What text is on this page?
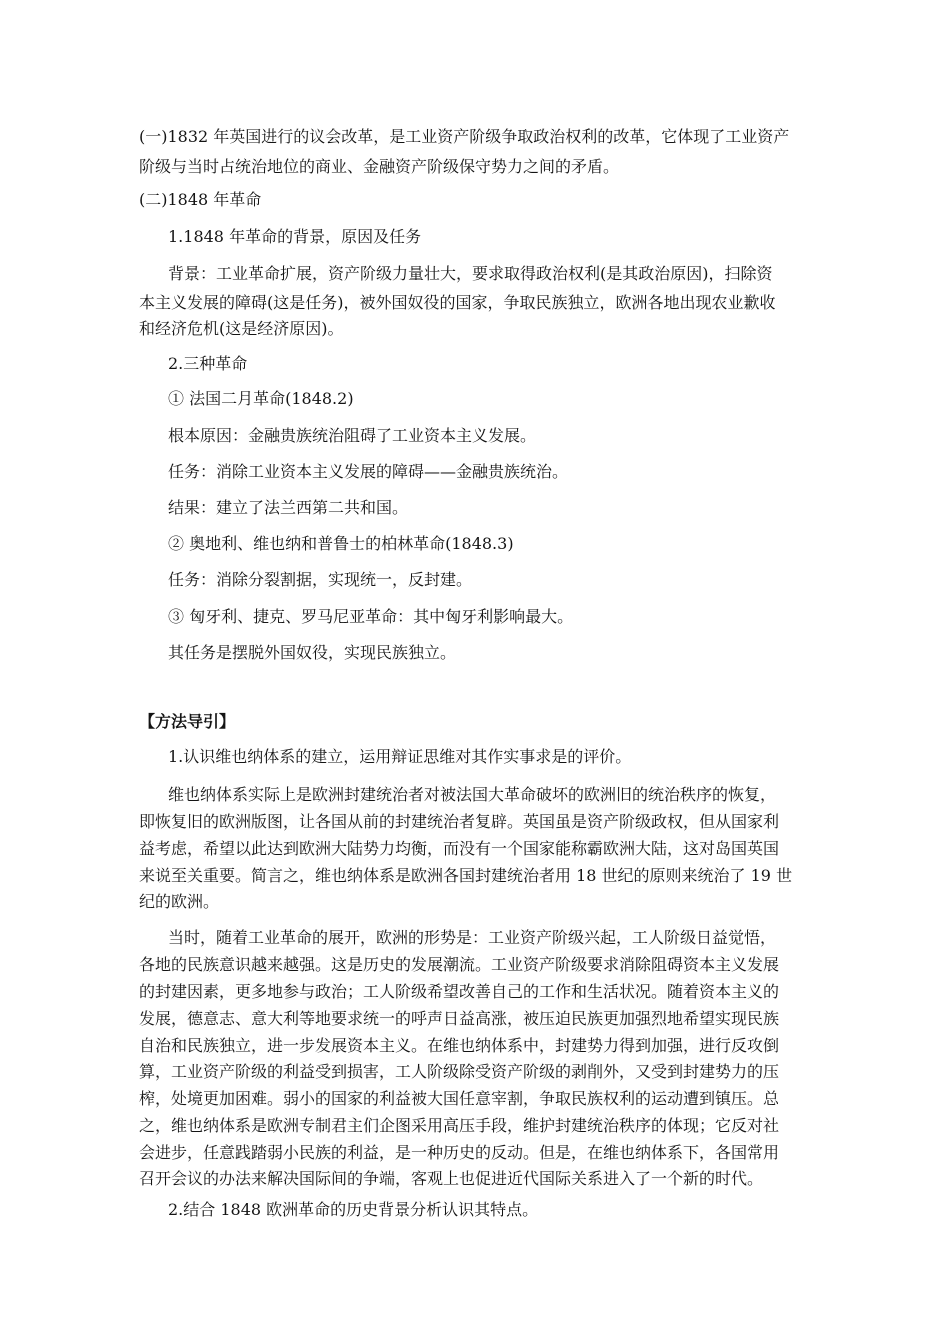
(一)1832 年英国进行的议会改革，是工业资产阶级争取政治权利的改革，它体现了工业资产
阶级与当时占统治地位的商业、金融资产阶级保守势力之间的矛盾。
(二)1848 年革命
1.1848 年革命的背景，原因及任务
背景：工业革命扩展，资产阶级力量壮大，要求取得政治权利(是其政治原因)，扫除资
本主义发展的障碍(这是任务)，被外国奴役的国家，争取民族独立，欧洲各地出现农业歉收
和经济危机(这是经济原因)。
2.三种革命
① 法国二月革命(1848.2)
根本原因：金融贵族统治阻碍了工业资本主义发展。
任务：消除工业资本主义发展的障碍——金融贵族统治。
结果：建立了法兰西第二共和国。
② 奥地利、维也纳和普鲁士的柏林革命(1848.3)
任务：消除分裂割据，实现统一，反封建。
③ 匈牙利、捷克、罗马尼亚革命：其中匈牙利影响最大。
其任务是摆脱外国奴役，实现民族独立。
【方法导引】
1.认识维也纳体系的建立，运用辩证思维对其作实事求是的评价。
维也纳体系实际上是欧洲封建统治者对被法国大革命破坏的欧洲旧的统治秩序的恢复，
即恢复旧的欧洲版图，让各国从前的封建统治者复辟。英国虽是资产阶级政权，但从国家利
益考虑，希望以此达到欧洲大陆势力均衡，而没有一个国家能称霸欧洲大陆，这对岛国英国
来说至关重要。简言之，维也纳体系是欧洲各国封建统治者用 18 世纪的原则来统治了 19 世
纪的欧洲。
当时，随着工业革命的展开，欧洲的形势是：工业资产阶级兴起，工人阶级日益觉悟，
各地的民族意识越来越强。这是历史的发展潮流。工业资产阶级要求消除阻碍资本主义发展
的封建因素，更多地参与政治；工人阶级希望改善自己的工作和生活状况。随着资本主义的
发展，德意志、意大利等地要求统一的呼声日益高涨，被压迫民族更加强烈地希望实现民族
自治和民族独立，进一步发展资本主义。在维也纳体系中，封建势力得到加强，进行反攻倒
算，工业资产阶级的利益受到损害，工人阶级除受资产阶级的剥削外，又受到封建势力的压
榨，处境更加困难。弱小的国家的利益被大国任意宰割，争取民族权利的运动遭到镇压。总
之，维也纳体系是欧洲专制君主们企图采用高压手段，维护封建统治秩序的体现；它反对社
会进步，任意践踏弱小民族的利益，是一种历史的反动。但是，在维也纳体系下，各国常用
召开会议的办法来解决国际间的争端，客观上也促进近代国际关系进入了一个新的时代。
2.结合 1848 欧洲革命的历史背景分析认识其特点。
